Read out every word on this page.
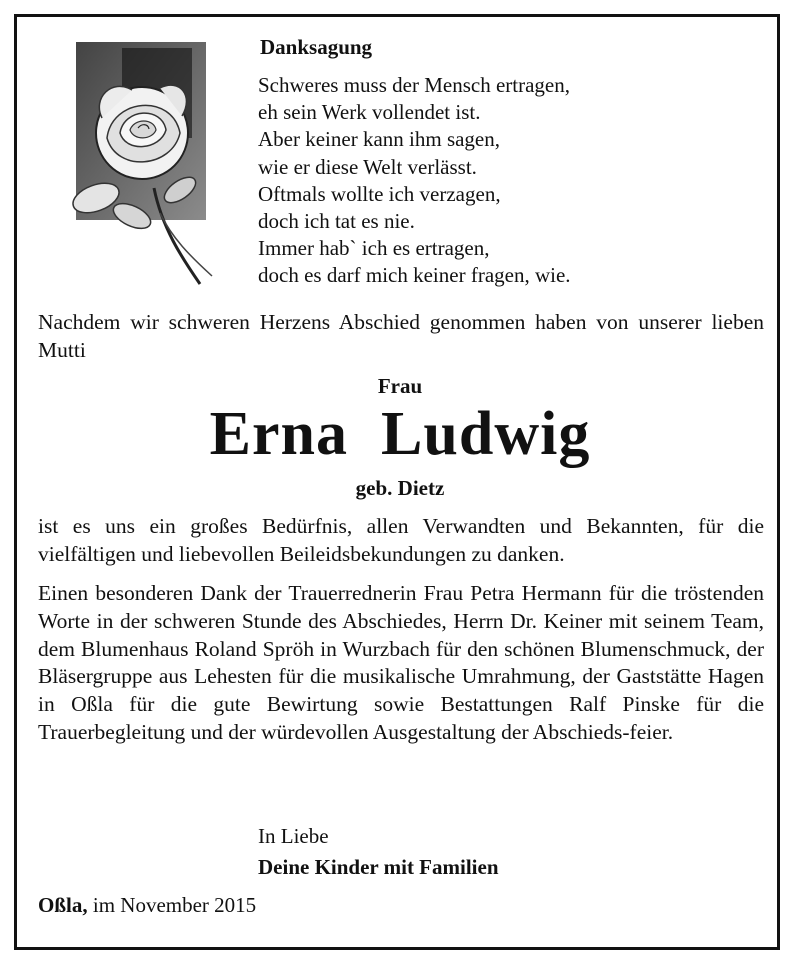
Danksagung
Schweres muss der Mensch ertragen,
eh sein Werk vollendet ist.
Aber keiner kann ihm sagen,
wie er diese Welt verlässt.
Oftmals wollte ich verzagen,
doch ich tat es nie.
Immer hab` ich es ertragen,
doch es darf mich keiner fragen, wie.
Nachdem wir schweren Herzens Abschied genommen haben von unserer lieben Mutti
Frau
Erna  Ludwig
geb. Dietz
ist es uns ein großes Bedürfnis, allen Verwandten und Bekannten, für die vielfältigen und liebevollen Beileidsbekundungen zu danken.
Einen besonderen Dank der Trauerrednerin Frau Petra Hermann für die tröstenden Worte in der schweren Stunde des Abschiedes, Herrn Dr. Keiner mit seinem Team, dem Blumenhaus Roland Spröh in Wurzbach für den schönen Blumenschmuck, der Bläsergruppe aus Lehesten für die musikalische Umrahmung, der Gaststätte Hagen in Oßla für die gute Bewirtung sowie Bestattungen Ralf Pinske für die Trauerbegleitung und der würdevollen Ausgestaltung der Abschieds-feier.
In Liebe
Deine Kinder mit Familien
Oßla, im November 2015
